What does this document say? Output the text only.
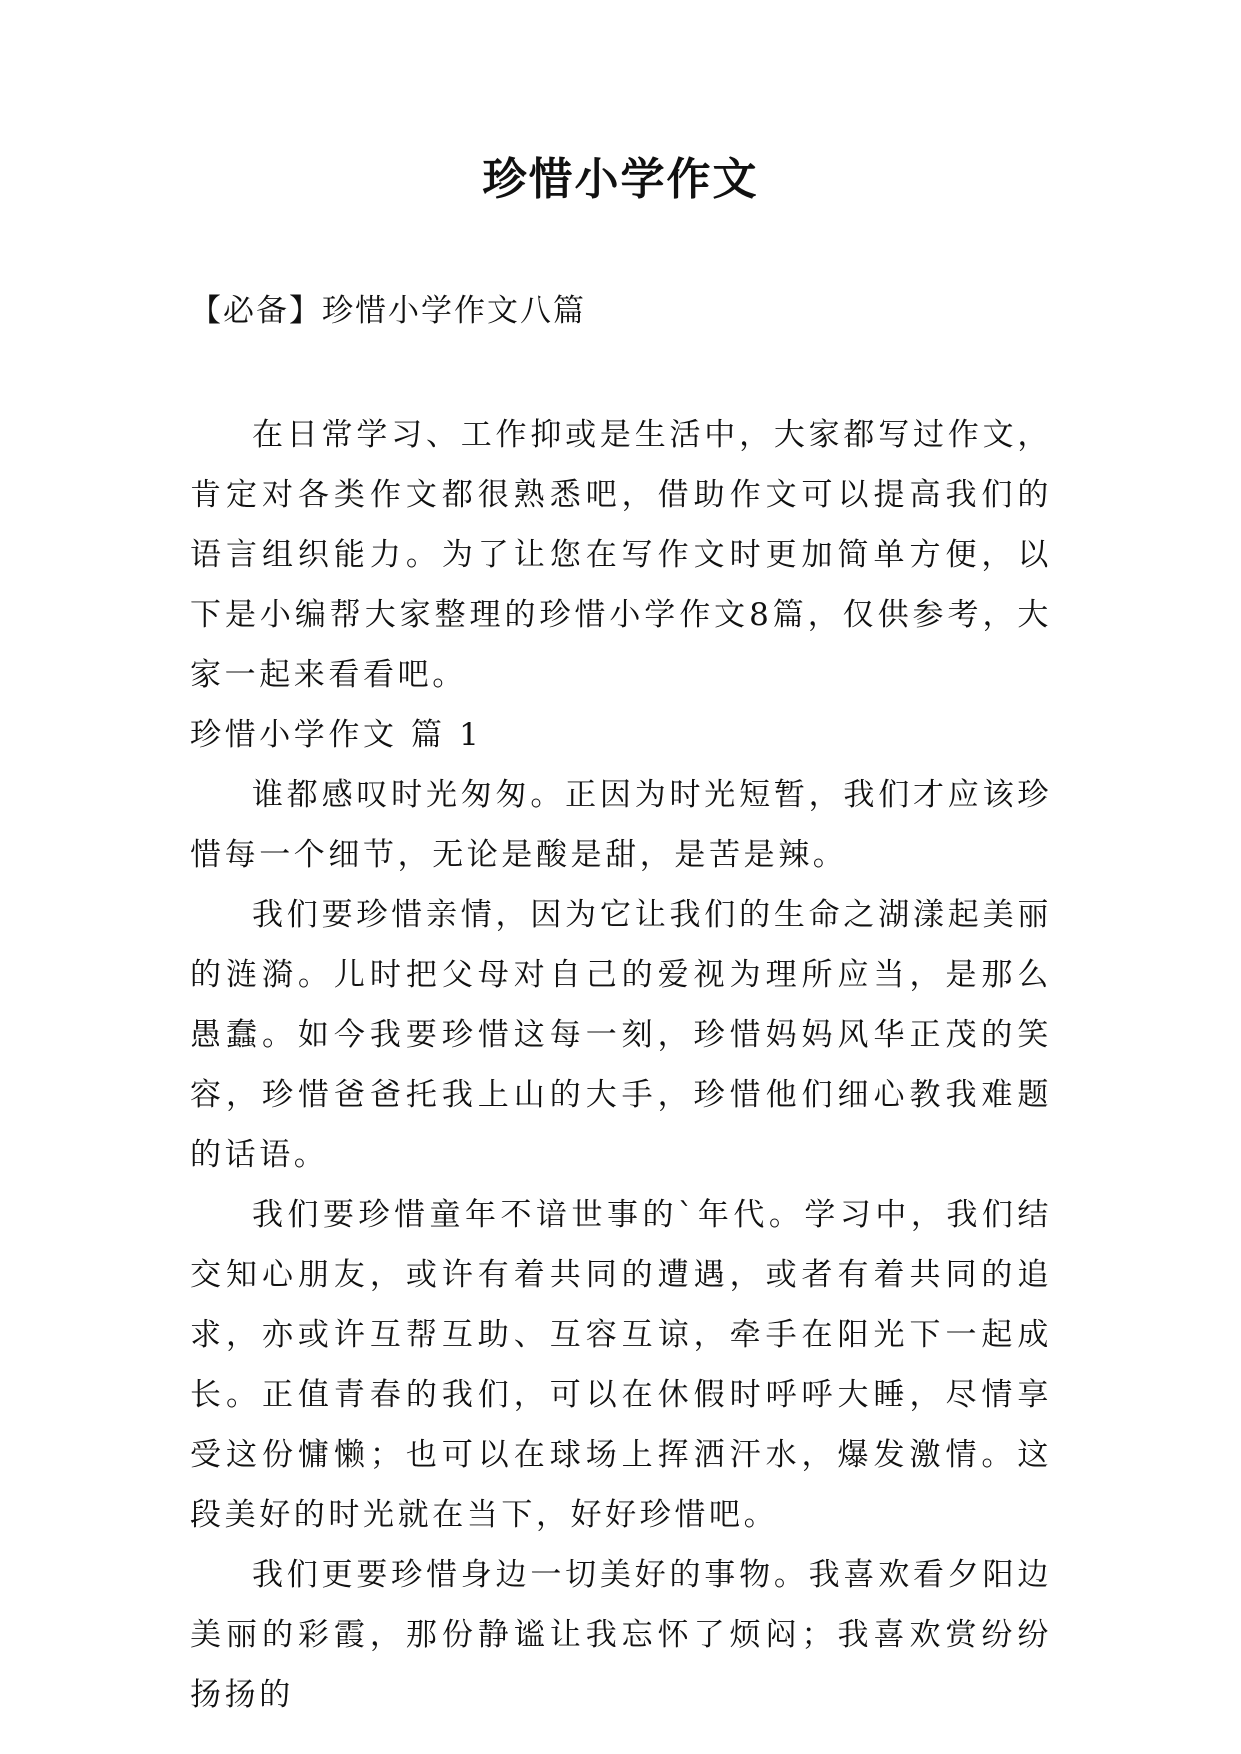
珍惜小学作文
【必备】珍惜小学作文八篇

在日常学习、工作抑或是生活中，大家都写过作文，肯定对各类作文都很熟悉吧，借助作文可以提高我们的语言组织能力。为了让您在写作文时更加简单方便，以下是小编帮大家整理的珍惜小学作文8篇，仅供参考，大家一起来看看吧。

珍惜小学作文 篇 1

谁都感叹时光匆匆。正因为时光短暂，我们才应该珍惜每一个细节，无论是酸是甜，是苦是辣。

我们要珍惜亲情，因为它让我们的生命之湖漾起美丽的涟漪。儿时把父母对自己的爱视为理所应当，是那么愚蠢。如今我要珍惜这每一刻，珍惜妈妈风华正茂的笑容，珍惜爸爸托我上山的大手，珍惜他们细心教我难题的话语。

我们要珍惜童年不谙世事的`年代。学习中，我们结交知心朋友，或许有着共同的遭遇，或者有着共同的追求，亦或许互帮互助、互容互谅，牵手在阳光下一起成长。正值青春的我们，可以在休假时呼呼大睡，尽情享受这份慵懒；也可以在球场上挥洒汗水，爆发激情。这段美好的时光就在当下，好好珍惜吧。

我们更要珍惜身边一切美好的事物。我喜欢看夕阳边美丽的彩霞，那份静谧让我忘怀了烦闷；我喜欢赏纷纷扬扬的
